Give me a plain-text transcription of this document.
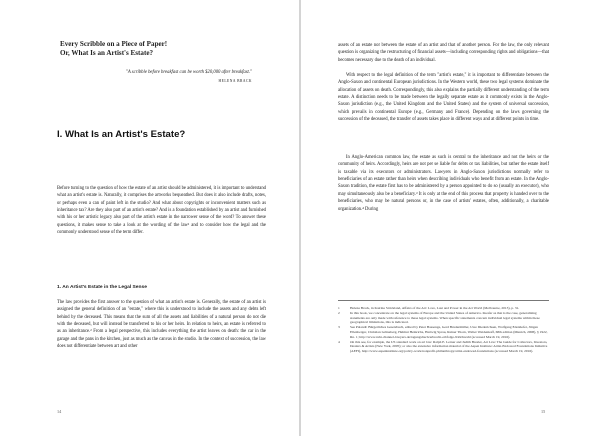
Every Scribble on a Piece of Paper!

Or, What Is an Artist's Estate?

"A scribble before breakfast can be worth $20,000 after breakfast."

HELENA BRACK

I. What Is an Artist's Estate?

Before turning to the question of how the estate of an artist should be administered, it is important to understand what an artist's estate is. Naturally, it comprises the artworks bequeathed. But does it also include drafts, notes, or perhaps even a can of paint left in the studio? And what about copyrights or inconvenient matters such as inheritance tax? Are they also part of an artist's estate? And is a foundation established by an artist and furnished with his or her artistic legacy also part of the artist's estate in the narrower sense of the word? To answer these questions, it makes sense to take a look at the wording of the law¹ and to consider how the legal and the commonly understood sense of the term differ.

1. An Artist's Estate in the Legal Sense

The law provides the first answer to the question of what an artist's estate is. Generally, the estate of an artist is assigned the general definition of an "estate," where this is understood to include the assets and any debts left behind by the deceased. This means that the sum of all the assets and liabilities of a natural person do not die with the deceased, but will instead be transferred to his or her heirs. In relation to heirs, an estate is referred to as an inheritance.² From a legal perspective, this includes everything the artist leaves on death: the car in the garage and the pans in the kitchen, just as much as the canvas in the studio. In the context of succession, the law does not differentiate between art and other

14

assets of an estate nor between the estate of an artist and that of another person. For the law, the only relevant question is organizing the restructuring of financial assets—including corresponding rights and obligations—that becomes necessary due to the death of an individual.

With respect to the legal definition of the term "artist's estate," it is important to differentiate between the Anglo-Saxon and continental European jurisdictions. In the Western world, these two legal systems dominate the allocation of assets on death. Correspondingly, this also explains the partially different understanding of the term estate. A distinction needs to be made between the legally separate estate as it commonly exists in the Anglo-Saxon jurisdiction (e.g., the United Kingdom and the United States) and the system of universal succession, which prevails in continental Europe (e.g., Germany and France). Depending on the laws governing the succession of the deceased, the transfer of assets takes place in different ways and at different points in time.

In Anglo-American common law, the estate as such is central to the inheritance and not the heirs or the community of heirs. Accordingly, heirs are not per se liable for debts or tax liabilities, but rather the estate itself is taxable via its executors or administrators. Lawyers in Anglo-Saxon jurisdictions normally refer to beneficiaries of an estate rather than heirs when describing individuals who benefit from an estate. In the Anglo-Saxon tradition, the estate first has to be administered by a person appointed to do so (usually an executor), who may simultaneously also be a beneficiary.³ It is only at the end of this process that property is handed over to the beneficiaries, who may be natural persons or, in the case of artists' estates, often, additionally, a charitable organization.⁴ During

1	Helena Brack, in Katrina Strickland, Affairs of the Art: Love, Lust and Power in the Art World (Melbourne, 2013), p. 31.
2	In this book, we concentrate on the legal systems of Europe and the United States of America. Insofar as that is the case, generalizing statements are only made with reference to these legal systems. When specific statements concern individual legal systems within these geographical limitations, this is indicated.
3	See Palandt: Bürgerliches Gesetzbuch, edited by Peter Bassenge, Gerd Brudermüller, Uwe Diederichsen, Wolfgang Edenhofer, Jürgen Ellenberger, Christian Grüneberg, Helmut Heinrichs, Hartwig Sprau, Rainer Thorn, Walter Weidenkaff, 68th edition (Munich, 2008), § 1922, Rn. 1; http://www.ruhr-channel-lawyers.de/tagungsbuch/erbrecht-erbfolge-9/#ichwahl (accessed March 19, 2016).
4	On this see, for example, the US standard work on art law: Ralph E. Lerner and Judith Bresler, Art Law: The Guide for Collectors, Investors, Dealers & Artists (New York, 2005); or also the extensive information material of the Aspen Institute: Artist-Endowed Foundations Initiative (AEFI), http://www.aspeninstitute.org/policy-work/nonprofit-philanthropy/artist-endowed-foundations (accessed March 19, 2016).

15
